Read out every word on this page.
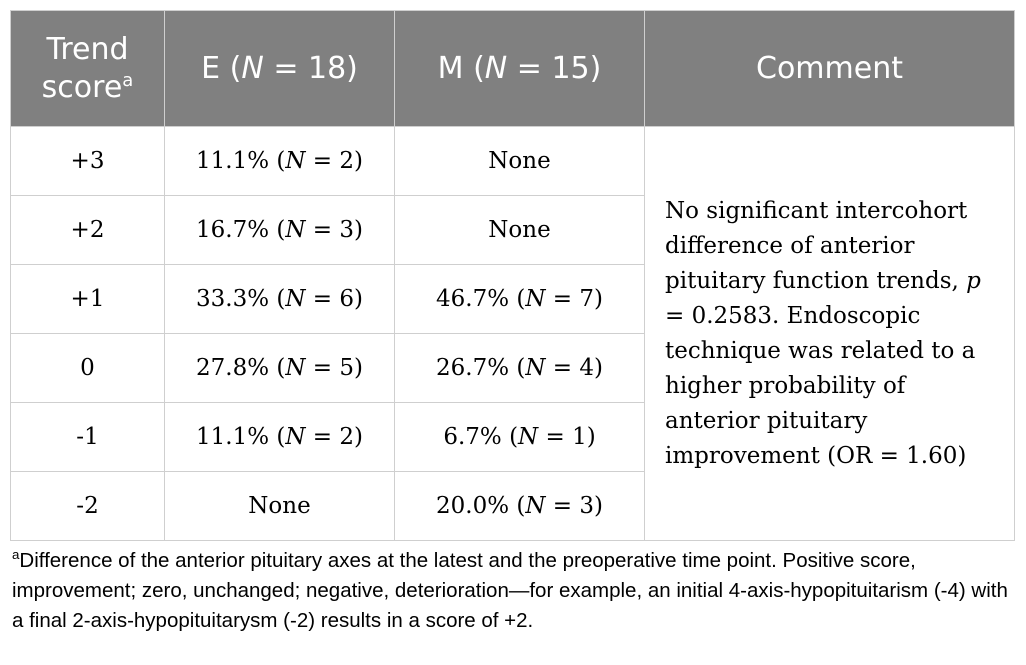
Trend
score$^a$	E (N = 18)	M (N = 15)	Comment
+3	11.1% (N = 2)	None	No significant intercohort difference of anterior pituitary function trends, p = 0.2583. Endoscopic technique was related to a higher probability of anterior pituitary improvement (OR = 1.60)
+2	16.7% (N = 3)	None	
+1	33.3% (N = 6)	46.7% (N = 7)	
0	27.8% (N = 5)	26.7% (N = 4)	
-1	11.1% (N = 2)	6.7% (N = 1)	
-2	None	20.0% (N = 3)	

$^a$Difference of the anterior pituitary axes at the latest and the preoperative time point. Positive score, improvement; zero, unchanged; negative, deterioration—for example, an initial 4-axis-hypopituitarism (-4) with a final 2-axis-hypopituitarysm (-2) results in a score of +2.
